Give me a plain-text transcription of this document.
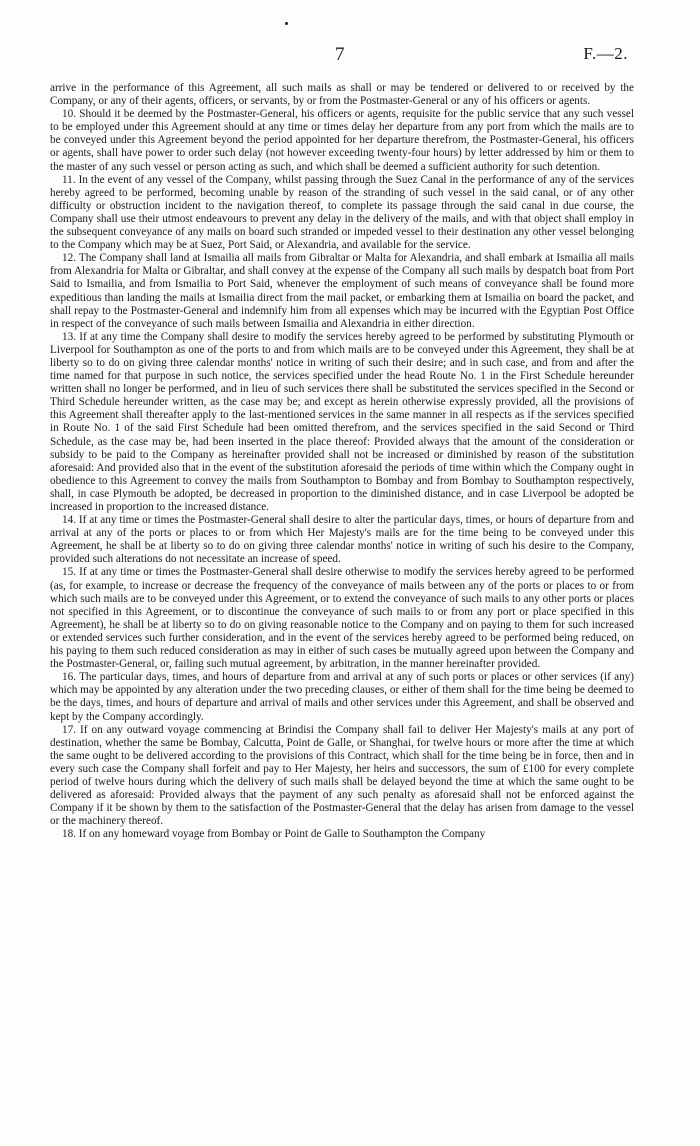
7	F.—2.

arrive in the performance of this Agreement, all such mails as shall or may be tendered or delivered to or received by the Company, or any of their agents, officers, or servants, by or from the Postmaster-General or any of his officers or agents.

10. Should it be deemed by the Postmaster-General, his officers or agents, requisite for the public service that any such vessel to be employed under this Agreement should at any time or times delay her departure from any port from which the mails are to be conveyed under this Agreement beyond the period appointed for her departure therefrom, the Postmaster-General, his officers or agents, shall have power to order such delay (not however exceeding twenty-four hours) by letter addressed by him or them to the master of any such vessel or person acting as such, and which shall be deemed a sufficient authority for such detention.

11. In the event of any vessel of the Company, whilst passing through the Suez Canal in the performance of any of the services hereby agreed to be performed, becoming unable by reason of the stranding of such vessel in the said canal, or of any other difficulty or obstruction incident to the navigation thereof, to complete its passage through the said canal in due course, the Company shall use their utmost endeavours to prevent any delay in the delivery of the mails, and with that object shall employ in the subsequent conveyance of any mails on board such stranded or impeded vessel to their destination any other vessel belonging to the Company which may be at Suez, Port Said, or Alexandria, and available for the service.

12. The Company shall land at Ismailia all mails from Gibraltar or Malta for Alexandria, and shall embark at Ismailia all mails from Alexandria for Malta or Gibraltar, and shall convey at the expense of the Company all such mails by despatch boat from Port Said to Ismailia, and from Ismailia to Port Said, whenever the employment of such means of conveyance shall be found more expeditious than landing the mails at Ismailia direct from the mail packet, or embarking them at Ismailia on board the packet, and shall repay to the Postmaster-General and indemnify him from all expenses which may be incurred with the Egyptian Post Office in respect of the conveyance of such mails between Ismailia and Alexandria in either direction.

13. If at any time the Company shall desire to modify the services hereby agreed to be performed by substituting Plymouth or Liverpool for Southampton as one of the ports to and from which mails are to be conveyed under this Agreement, they shall be at liberty so to do on giving three calendar months' notice in writing of such their desire; and in such case, and from and after the time named for that purpose in such notice, the services specified under the head Route No. 1 in the First Schedule hereunder written shall no longer be performed, and in lieu of such services there shall be substituted the services specified in the Second or Third Schedule hereunder written, as the case may be; and except as herein otherwise expressly provided, all the provisions of this Agreement shall thereafter apply to the last-mentioned services in the same manner in all respects as if the services specified in Route No. 1 of the said First Schedule had been omitted therefrom, and the services specified in the said Second or Third Schedule, as the case may be, had been inserted in the place thereof: Provided always that the amount of the consideration or subsidy to be paid to the Company as hereinafter provided shall not be increased or diminished by reason of the substitution aforesaid: And provided also that in the event of the substitution aforesaid the periods of time within which the Company ought in obedience to this Agreement to convey the mails from Southampton to Bombay and from Bombay to Southampton respectively, shall, in case Plymouth be adopted, be decreased in proportion to the diminished distance, and in case Liverpool be adopted be increased in proportion to the increased distance.

14. If at any time or times the Postmaster-General shall desire to alter the particular days, times, or hours of departure from and arrival at any of the ports or places to or from which Her Majesty's mails are for the time being to be conveyed under this Agreement, he shall be at liberty so to do on giving three calendar months' notice in writing of such his desire to the Company, provided such alterations do not necessitate an increase of speed.

15. If at any time or times the Postmaster-General shall desire otherwise to modify the services hereby agreed to be performed (as, for example, to increase or decrease the frequency of the conveyance of mails between any of the ports or places to or from which such mails are to be conveyed under this Agreement, or to extend the conveyance of such mails to any other ports or places not specified in this Agreement, or to discontinue the conveyance of such mails to or from any port or place specified in this Agreement), he shall be at liberty so to do on giving reasonable notice to the Company and on paying to them for such increased or extended services such further consideration, and in the event of the services hereby agreed to be performed being reduced, on his paying to them such reduced consideration as may in either of such cases be mutually agreed upon between the Company and the Postmaster-General, or, failing such mutual agreement, by arbitration, in the manner hereinafter provided.

16. The particular days, times, and hours of departure from and arrival at any of such ports or places or other services (if any) which may be appointed by any alteration under the two preceding clauses, or either of them shall for the time being be deemed to be the days, times, and hours of departure and arrival of mails and other services under this Agreement, and shall be observed and kept by the Company accordingly.

17. If on any outward voyage commencing at Brindisi the Company shall fail to deliver Her Majesty's mails at any port of destination, whether the same be Bombay, Calcutta, Point de Galle, or Shanghai, for twelve hours or more after the time at which the same ought to be delivered according to the provisions of this Contract, which shall for the time being be in force, then and in every such case the Company shall forfeit and pay to Her Majesty, her heirs and successors, the sum of £100 for every complete period of twelve hours during which the delivery of such mails shall be delayed beyond the time at which the same ought to be delivered as aforesaid: Provided always that the payment of any such penalty as aforesaid shall not be enforced against the Company if it be shown by them to the satisfaction of the Postmaster-General that the delay has arisen from damage to the vessel or the machinery thereof.

18. If on any homeward voyage from Bombay or Point de Galle to Southampton the Company
